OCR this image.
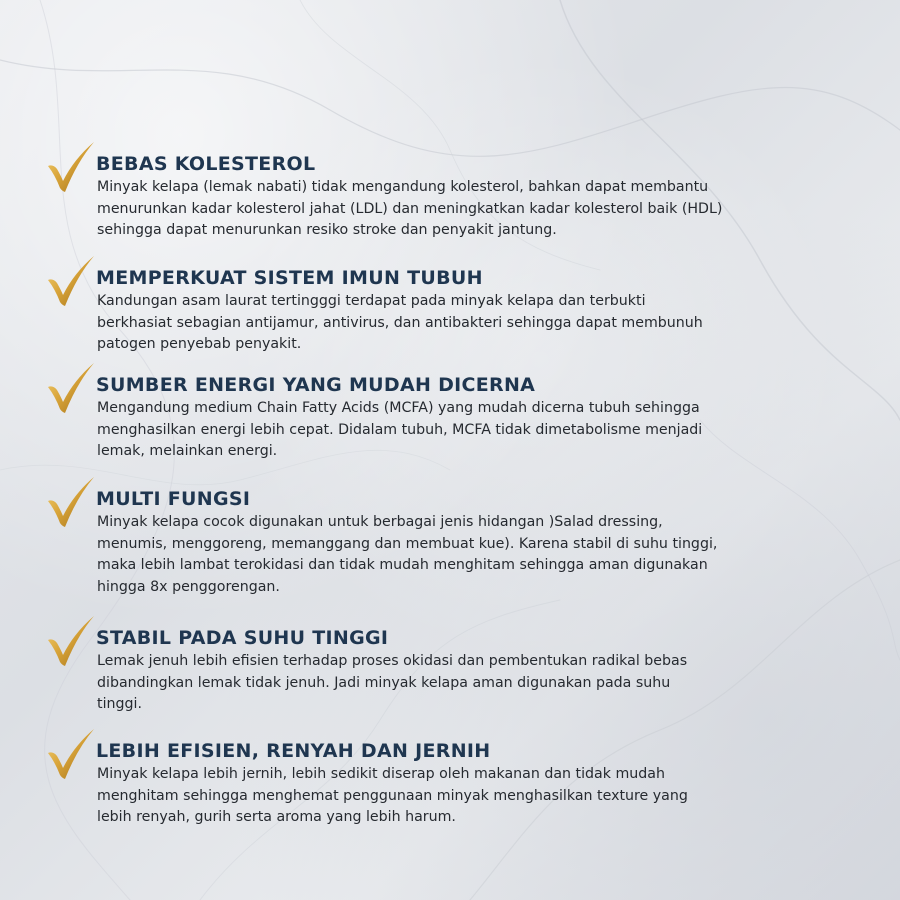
BEBAS KOLESTEROL

Minyak kelapa (lemak nabati) tidak mengandung kolesterol, bahkan dapat membantu
menurunkan kadar kolesterol jahat (LDL) dan meningkatkan kadar kolesterol baik (HDL)
sehingga dapat menurunkan resiko stroke dan penyakit jantung.

MEMPERKUAT SISTEM IMUN TUBUH

Kandungan asam laurat tertingggi terdapat pada minyak kelapa dan terbukti
berkhasiat sebagian antijamur, antivirus, dan antibakteri sehingga dapat membunuh
patogen penyebab penyakit.

SUMBER ENERGI YANG MUDAH DICERNA

Mengandung medium Chain Fatty Acids (MCFA) yang mudah dicerna tubuh sehingga
menghasilkan energi lebih cepat. Didalam tubuh, MCFA tidak dimetabolisme menjadi
lemak, melainkan energi.

MULTI FUNGSI

Minyak kelapa cocok digunakan untuk berbagai jenis hidangan )Salad dressing,
menumis, menggoreng, memanggang dan membuat kue). Karena stabil di suhu tinggi,
maka lebih lambat terokidasi dan tidak mudah menghitam sehingga aman digunakan
hingga 8x penggorengan.

STABIL PADA SUHU TINGGI

Lemak jenuh lebih efisien terhadap proses okidasi dan pembentukan radikal bebas
dibandingkan lemak tidak jenuh. Jadi minyak kelapa aman digunakan pada suhu
tinggi.

LEBIH EFISIEN, RENYAH DAN JERNIH

Minyak kelapa lebih jernih, lebih sedikit diserap oleh makanan dan tidak mudah
menghitam sehingga menghemat penggunaan minyak menghasilkan texture yang
lebih renyah, gurih serta aroma yang lebih harum.
